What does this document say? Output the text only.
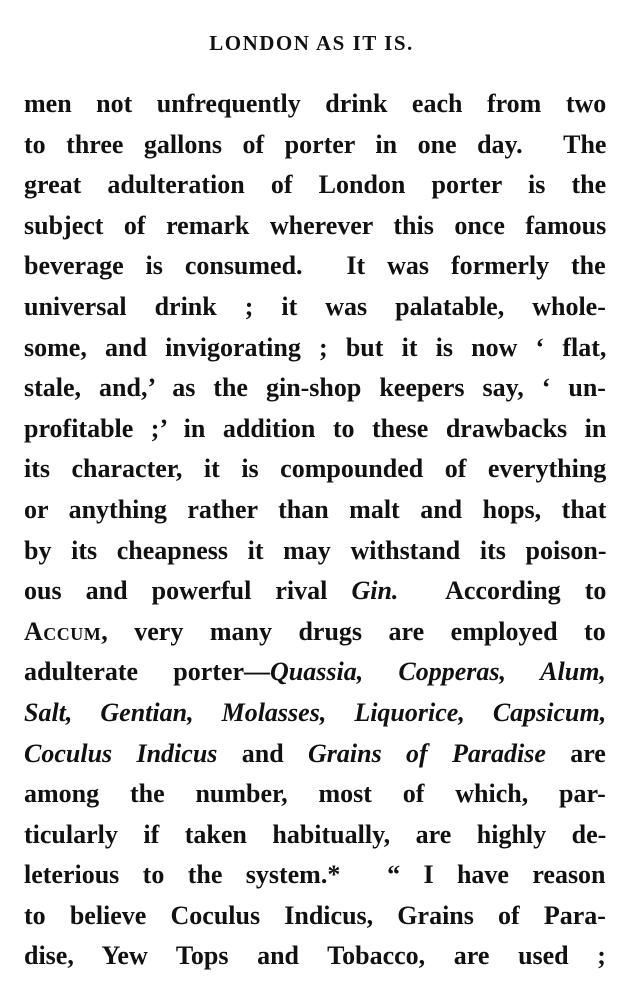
LONDON AS IT IS.
men not unfrequently drink each from two
to three gallons of porter in one day.  The
great adulteration of London porter is the
subject of remark wherever this once famous
beverage is consumed.  It was formerly the
universal drink ; it was palatable, whole-
some, and invigorating ; but it is now ‘ flat,
stale, and,’ as the gin-shop keepers say, ‘ un-
profitable ;’ in addition to these drawbacks in
its character, it is compounded of everything
or anything rather than malt and hops, that
by its cheapness it may withstand its poison-
ous and powerful rival Gin.  According to
Accum, very many drugs are employed to
adulterate porter—Quassia, Copperas, Alum,
Salt, Gentian, Molasses, Liquorice, Capsicum,
Coculus Indicus and Grains of Paradise are
among the number, most of which, par-
ticularly if taken habitually, are highly de-
leterious to the system.*  “ I have reason
to believe Coculus Indicus, Grains of Para-
dise, Yew Tops and Tobacco, are used ;
